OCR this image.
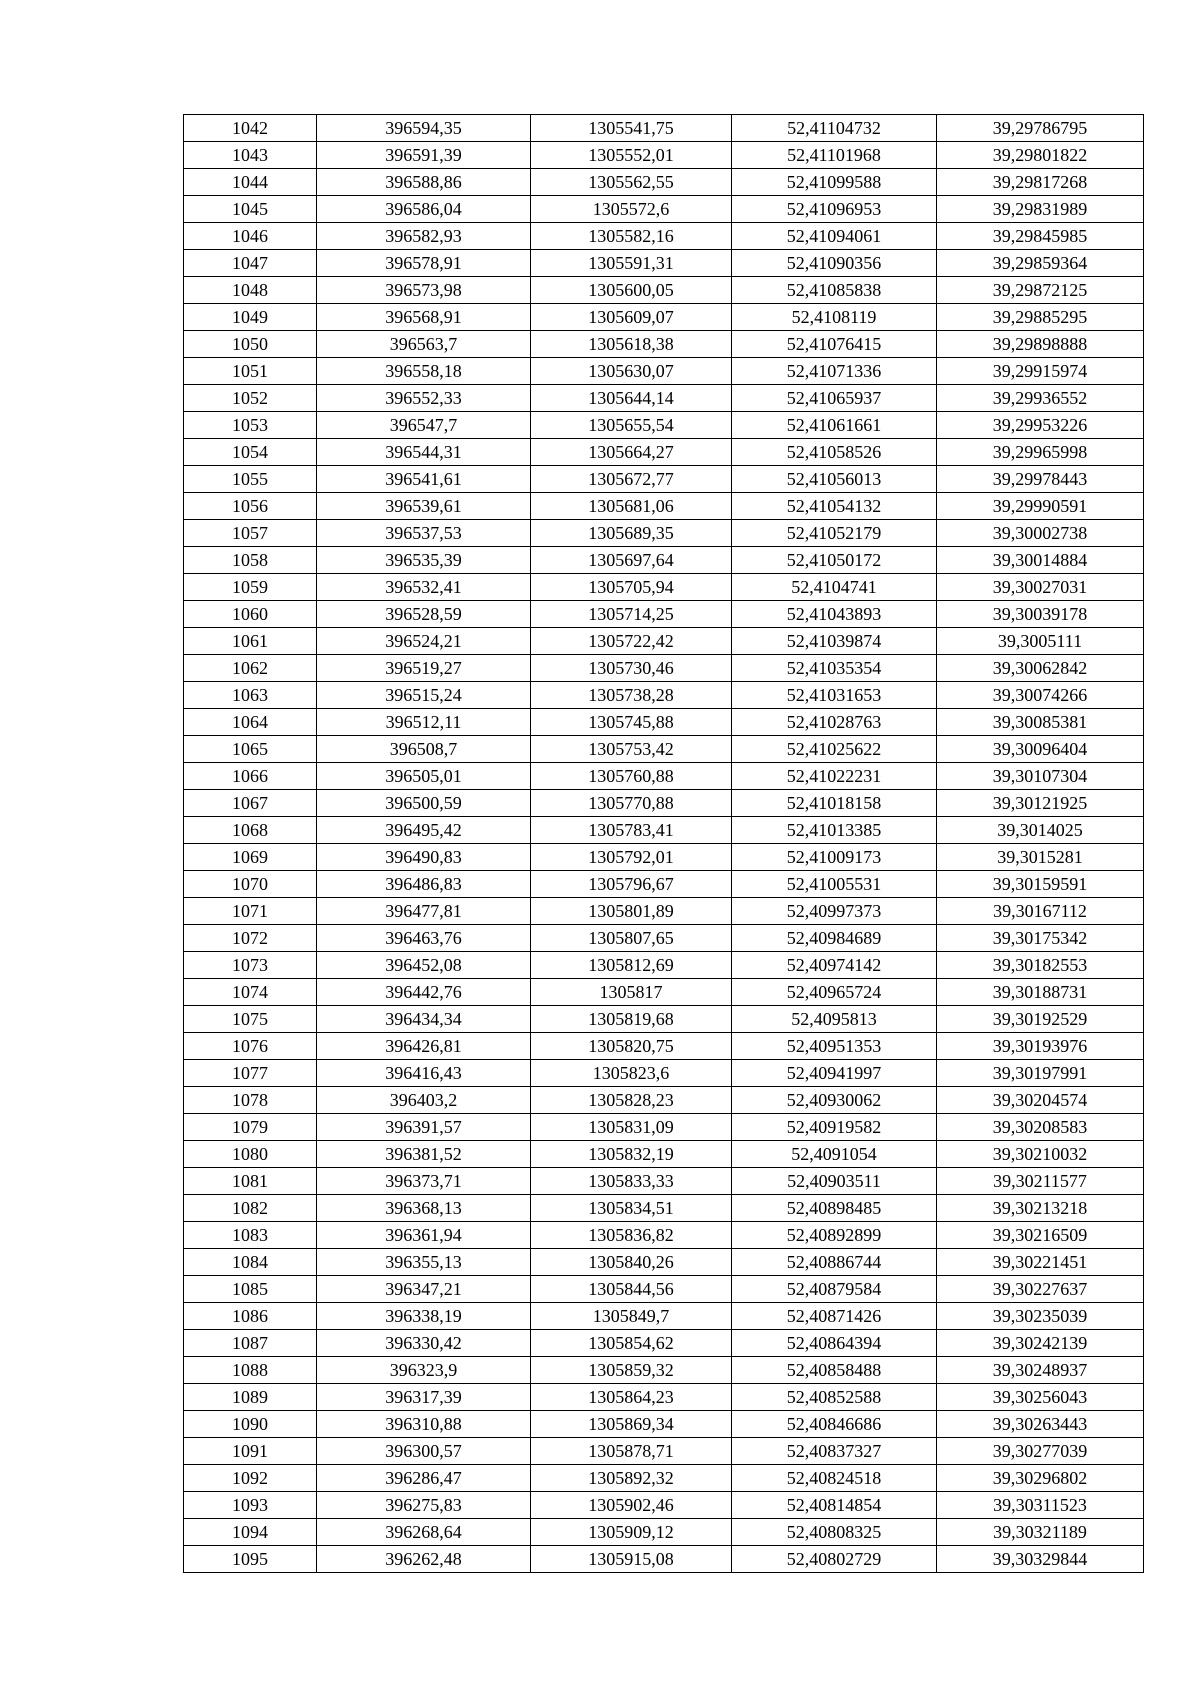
1042	396594,35	1305541,75	52,41104732	39,29786795
1043	396591,39	1305552,01	52,41101968	39,29801822
1044	396588,86	1305562,55	52,41099588	39,29817268
1045	396586,04	1305572,6	52,41096953	39,29831989
1046	396582,93	1305582,16	52,41094061	39,29845985
1047	396578,91	1305591,31	52,41090356	39,29859364
1048	396573,98	1305600,05	52,41085838	39,29872125
1049	396568,91	1305609,07	52,4108119	39,29885295
1050	396563,7	1305618,38	52,41076415	39,29898888
1051	396558,18	1305630,07	52,41071336	39,29915974
1052	396552,33	1305644,14	52,41065937	39,29936552
1053	396547,7	1305655,54	52,41061661	39,29953226
1054	396544,31	1305664,27	52,41058526	39,29965998
1055	396541,61	1305672,77	52,41056013	39,29978443
1056	396539,61	1305681,06	52,41054132	39,29990591
1057	396537,53	1305689,35	52,41052179	39,30002738
1058	396535,39	1305697,64	52,41050172	39,30014884
1059	396532,41	1305705,94	52,4104741	39,30027031
1060	396528,59	1305714,25	52,41043893	39,30039178
1061	396524,21	1305722,42	52,41039874	39,3005111
1062	396519,27	1305730,46	52,41035354	39,30062842
1063	396515,24	1305738,28	52,41031653	39,30074266
1064	396512,11	1305745,88	52,41028763	39,30085381
1065	396508,7	1305753,42	52,41025622	39,30096404
1066	396505,01	1305760,88	52,41022231	39,30107304
1067	396500,59	1305770,88	52,41018158	39,30121925
1068	396495,42	1305783,41	52,41013385	39,3014025
1069	396490,83	1305792,01	52,41009173	39,3015281
1070	396486,83	1305796,67	52,41005531	39,30159591
1071	396477,81	1305801,89	52,40997373	39,30167112
1072	396463,76	1305807,65	52,40984689	39,30175342
1073	396452,08	1305812,69	52,40974142	39,30182553
1074	396442,76	1305817	52,40965724	39,30188731
1075	396434,34	1305819,68	52,4095813	39,30192529
1076	396426,81	1305820,75	52,40951353	39,30193976
1077	396416,43	1305823,6	52,40941997	39,30197991
1078	396403,2	1305828,23	52,40930062	39,30204574
1079	396391,57	1305831,09	52,40919582	39,30208583
1080	396381,52	1305832,19	52,4091054	39,30210032
1081	396373,71	1305833,33	52,40903511	39,30211577
1082	396368,13	1305834,51	52,40898485	39,30213218
1083	396361,94	1305836,82	52,40892899	39,30216509
1084	396355,13	1305840,26	52,40886744	39,30221451
1085	396347,21	1305844,56	52,40879584	39,30227637
1086	396338,19	1305849,7	52,40871426	39,30235039
1087	396330,42	1305854,62	52,40864394	39,30242139
1088	396323,9	1305859,32	52,40858488	39,30248937
1089	396317,39	1305864,23	52,40852588	39,30256043
1090	396310,88	1305869,34	52,40846686	39,30263443
1091	396300,57	1305878,71	52,40837327	39,30277039
1092	396286,47	1305892,32	52,40824518	39,30296802
1093	396275,83	1305902,46	52,40814854	39,30311523
1094	396268,64	1305909,12	52,40808325	39,30321189
1095	396262,48	1305915,08	52,40802729	39,30329844
